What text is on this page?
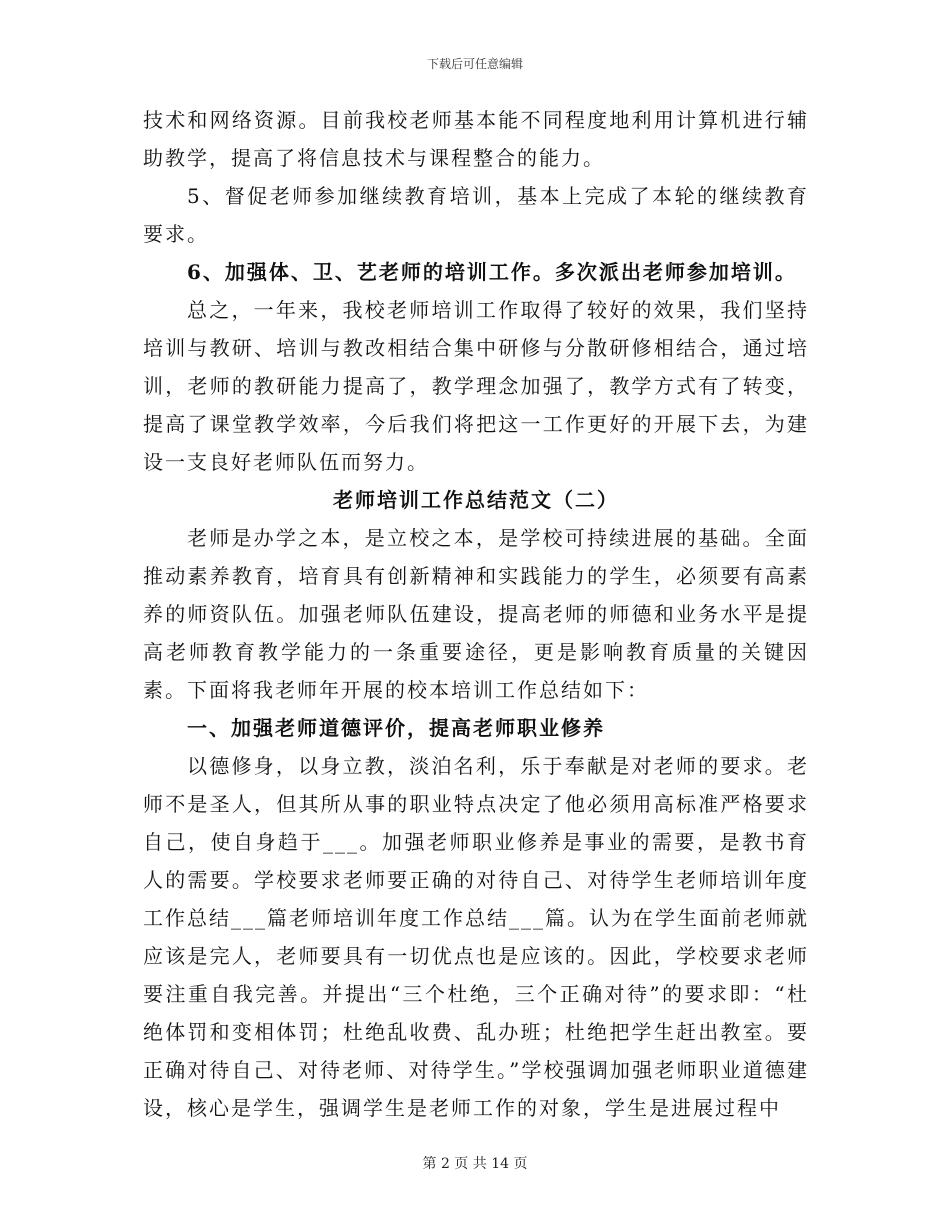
下载后可任意编辑

技术和网络资源。目前我校老师基本能不同程度地利用计算机进行辅助教学，提高了将信息技术与课程整合的能力。

5、督促老师参加继续教育培训，基本上完成了本轮的继续教育要求。

6、加强体、卫、艺老师的培训工作。多次派出老师参加培训。

总之，一年来，我校老师培训工作取得了较好的效果，我们坚持培训与教研、培训与教改相结合集中研修与分散研修相结合，通过培训，老师的教研能力提高了，教学理念加强了，教学方式有了转变，提高了课堂教学效率，今后我们将把这一工作更好的开展下去，为建设一支良好老师队伍而努力。

老师培训工作总结范文（二）

老师是办学之本，是立校之本，是学校可持续进展的基础。全面推动素养教育，培育具有创新精神和实践能力的学生，必须要有高素养的师资队伍。加强老师队伍建设，提高老师的师德和业务水平是提高老师教育教学能力的一条重要途径，更是影响教育质量的关键因素。下面将我老师年开展的校本培训工作总结如下：

一、加强老师道德评价，提高老师职业修养

以德修身，以身立教，淡泊名利，乐于奉献是对老师的要求。老师不是圣人，但其所从事的职业特点决定了他必须用高标准严格要求自己，使自身趋于___。加强老师职业修养是事业的需要，是教书育人的需要。学校要求老师要正确的对待自己、对待学生老师培训年度工作总结___篇老师培训年度工作总结___篇。认为在学生面前老师就应该是完人，老师要具有一切优点也是应该的。因此，学校要求老师要注重自我完善。并提出“三个杜绝，三个正确对待”的要求即：“杜绝体罚和变相体罚；杜绝乱收费、乱办班；杜绝把学生赶出教室。要正确对待自己、对待老师、对待学生。”学校强调加强老师职业道德建设，核心是学生，强调学生是老师工作的对象，学生是进展过程中

第 2 页 共 14 页
